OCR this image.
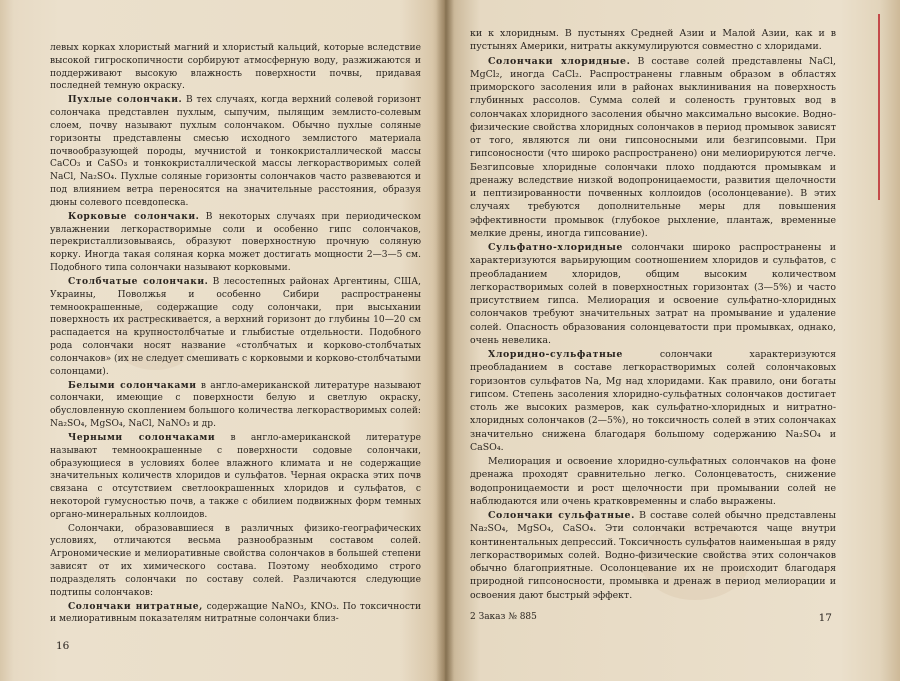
левых корках хлористый магний и хлористый кальций, которые вследствие высокой гигроскопичности сорбируют атмосферную воду, разжижаются и поддерживают высокую влажность поверхности почвы, придавая последней темную окраску.

Пухлые солончаки. В тех случаях, когда верхний солевой горизонт солончака представлен пухлым, сыпучим, пылящим землисто-солевым слоем, почву называют пухлым солончаком. Обычно пухлые соляные горизонты представлены смесью исходного землистого материала почвообразующей породы, мучнистой и тонкокристаллической массы CaCO₃ и CaSO₃ и тонкокристаллической массы легкорастворимых солей NaCl, Na₂SO₄. Пухлые соляные горизонты солончаков часто развеваются и под влиянием ветра переносятся на значительные расстояния, образуя дюны солевого псевдопеска.

Корковые солончаки. В некоторых случаях при периодическом увлажнении легкорастворимые соли и особенно гипс солончаков, перекристаллизовываясь, образуют поверхностную прочную соляную корку. Иногда такая соляная корка может достигать мощности 2—3—5 см. Подобного типа солончаки называют корковыми.

Столбчатые солончаки. В лесостепных районах Аргентины, США, Украины, Поволжья и особенно Сибири распространены темноокрашенные, содержащие соду солончаки, при высыхании поверхность их растрескивается, а верхний горизонт до глубины 10—20 см распадается на крупностолбчатые и глыбистые отдельности. Подобного рода солончаки носят название «столбчатых и корково-столбчатых солончаков» (их не следует смешивать с корковыми и корково-столбчатыми солонцами).

Белыми солончаками в англо-американской литературе называют солончаки, имеющие с поверхности белую и светлую окраску, обусловленную скоплением большого количества легкорастворимых солей: Na₂SO₄, MgSO₄, NaCl, NaNO₃ и др.

Черными солончаками в англо-американской литературе называют темноокрашенные с поверхности содовые солончаки, образующиеся в условиях более влажного климата и не содержащие значительных количеств хлоридов и сульфатов. Черная окраска этих почв связана с отсутствием светлоокрашенных хлоридов и сульфатов, с некоторой гумусностью почв, а также с обилием подвижных форм темных органо-минеральных коллоидов.

Солончаки, образовавшиеся в различных физико-географических условиях, отличаются весьма разнообразным составом солей. Агрономические и мелиоративные свойства солончаков в большей степени зависят от их химического состава. Поэтому необходимо строго подразделять солончаки по составу солей. Различаются следующие подтипы солончаков:

Солончаки нитратные, содержащие NaNO₃, KNO₃. По токсичности и мелиоративным показателям нитратные солончаки близ-

16

ки к хлоридным. В пустынях Средней Азии и Малой Азии, как и в пустынях Америки, нитраты аккумулируются совместно с хлоридами.

Солончаки хлоридные. В составе солей представлены NaCl, MgCl₂, иногда CaCl₂. Распространены главным образом в областях приморского засоления или в районах выклинивания на поверхность глубинных рассолов. Сумма солей и соленость грунтовых вод в солончаках хлоридного засоления обычно максимально высокие. Водно-физические свойства хлоридных солончаков в период промывок зависят от того, являются ли они гипсоносными или безгипсовыми. При гипсоносности (что широко распространено) они мелиорируются легче. Безгипсовые хлоридные солончаки плохо поддаются промывкам и дренажу вследствие низкой водопроницаемости, развития щелочности и пептизированности почвенных коллоидов (осолонцевание). В этих случаях требуются дополнительные меры для повышения эффективности промывок (глубокое рыхление, плантаж, временные мелкие дрены, иногда гипсование).

Сульфатно-хлоридные солончаки широко распространены и характеризуются варьирующим соотношением хлоридов и сульфатов, с преобладанием хлоридов, общим высоким количеством легкорастворимых солей в поверхностных горизонтах (3—5%) и часто присутствием гипса. Мелиорация и освоение сульфатно-хлоридных солончаков требуют значительных затрат на промывание и удаление солей. Опасность образования солонцеватости при промывках, однако, очень невелика.

Хлоридно-сульфатные солончаки характеризуются преобладанием в составе легкорастворимых солей солончаковых горизонтов сульфатов Na, Mg над хлоридами. Как правило, они богаты гипсом. Степень засоления хлоридно-сульфатных солончаков достигает столь же высоких размеров, как сульфатно-хлоридных и нитратно-хлоридных солончаков (2—5%), но токсичность солей в этих солончаках значительно снижена благодаря большому содержанию Na₂SO₄ и CaSO₄.

Мелиорация и освоение хлоридно-сульфатных солончаков на фоне дренажа проходят сравнительно легко. Солонцеватость, снижение водопроницаемости и рост щелочности при промывании солей не наблюдаются или очень кратковременны и слабо выражены.

Солончаки сульфатные. В составе солей обычно представлены Na₂SO₄, MgSO₄, CaSO₄. Эти солончаки встречаются чаще внутри континентальных депрессий. Токсичность сульфатов наименьшая в ряду легкорастворимых солей. Водно-физические свойства этих солончаков обычно благоприятные. Осолонцевание их не происходит благодаря природной гипсоносности, промывка и дренаж в период мелиорации и освоения дают быстрый эффект.

2 Заказ № 885	17
